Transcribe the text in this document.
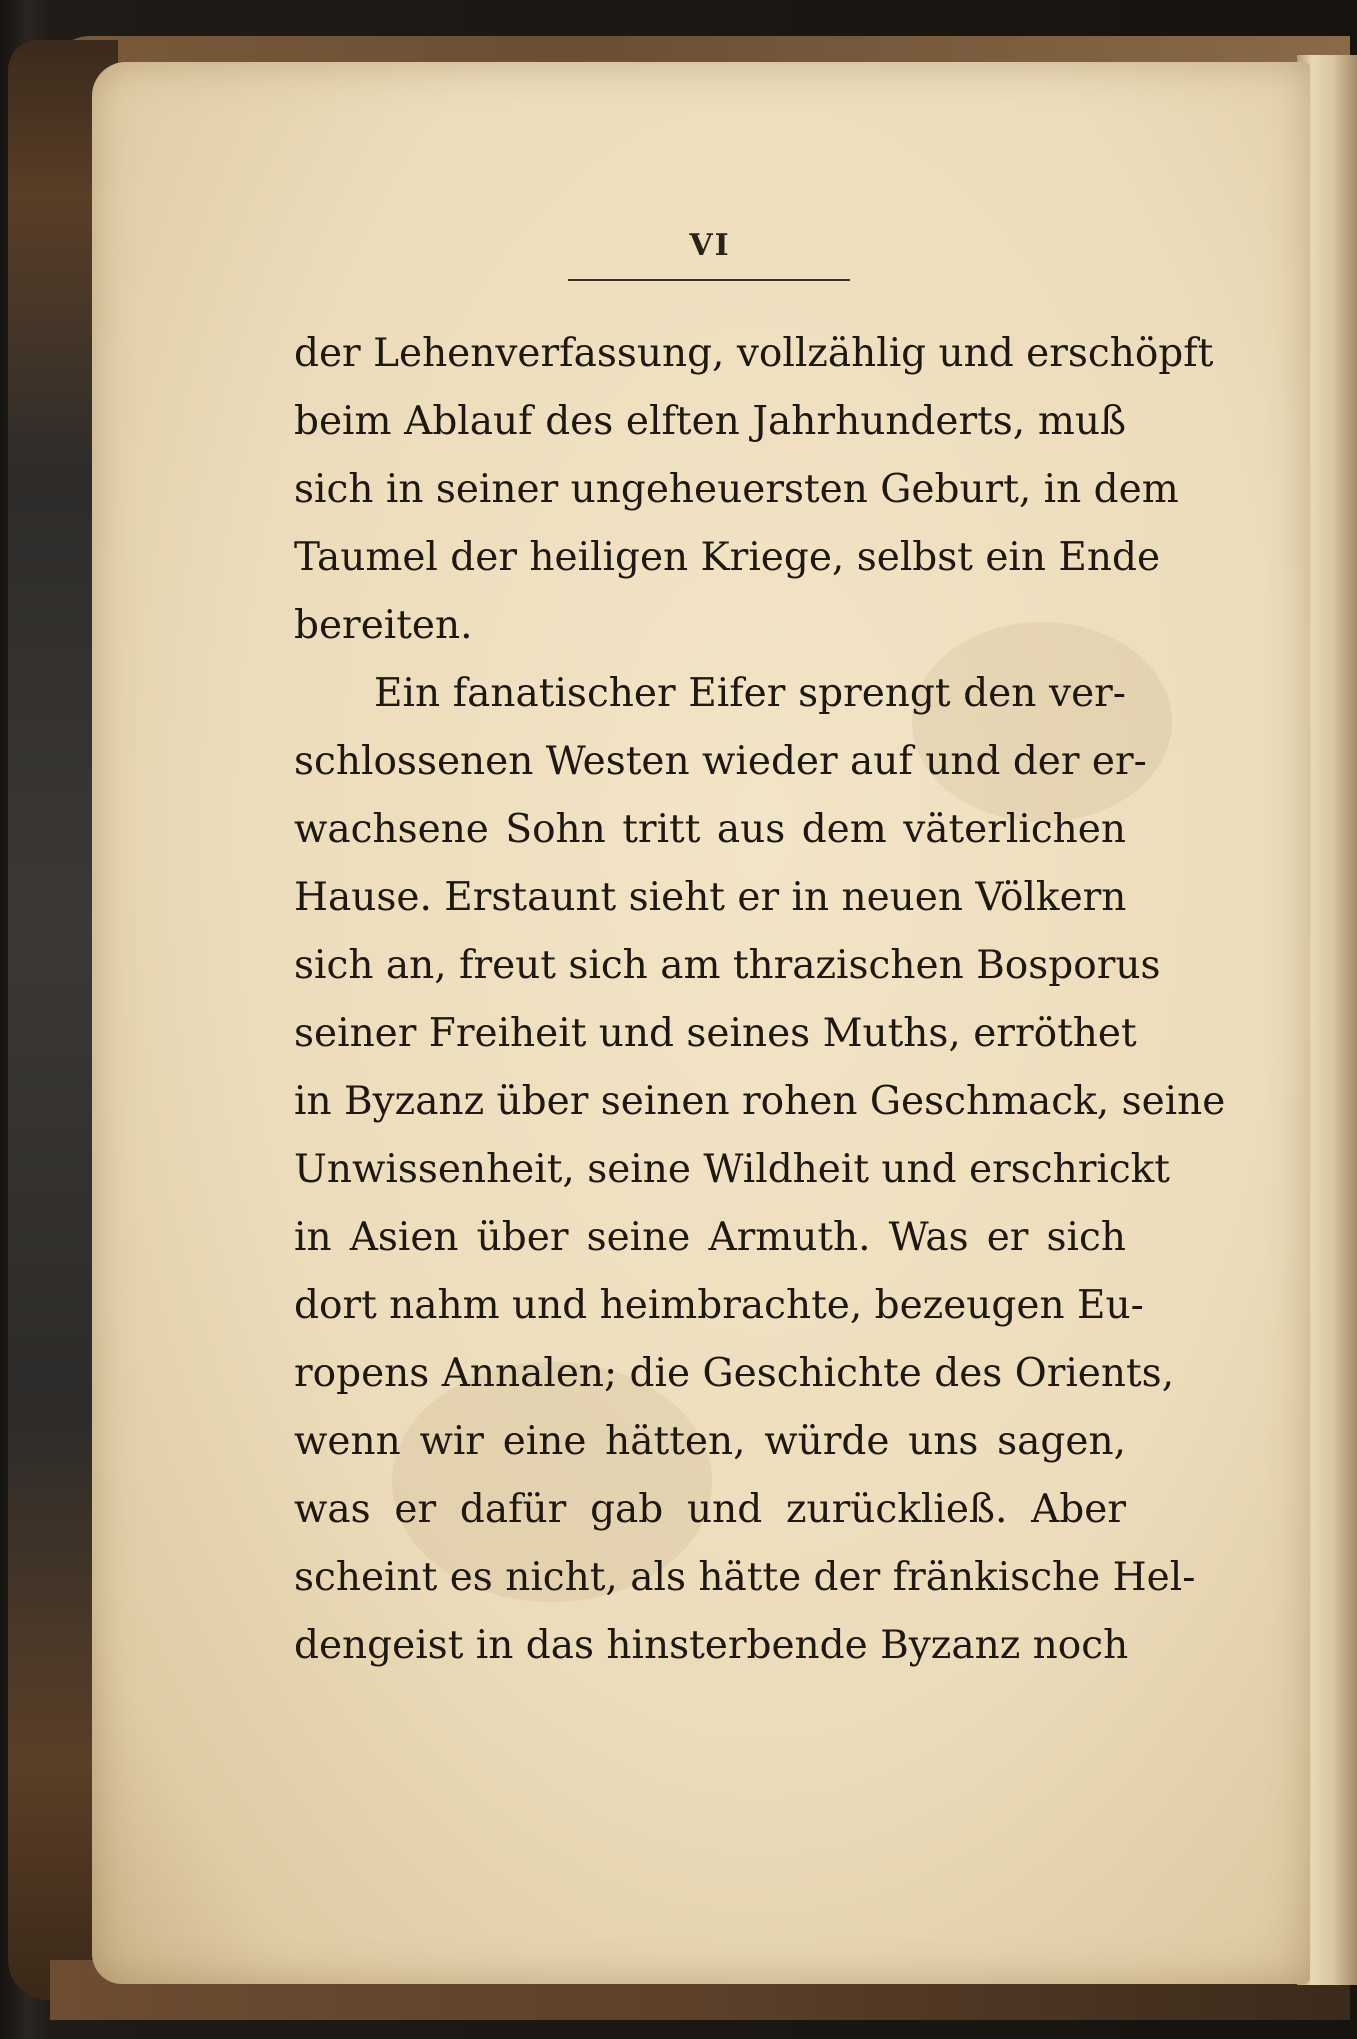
VI
der Lehenverfassung, vollzählig und erschöpft
beim Ablauf des elften Jahrhunderts, muß
sich in seiner ungeheuersten Geburt, in dem
Taumel der heiligen Kriege, selbst ein Ende
bereiten.
Ein fanatischer Eifer sprengt den ver-
schlossenen Westen wieder auf und der er-
wachsene Sohn tritt aus dem väterlichen
Hause. Erstaunt sieht er in neuen Völkern
sich an, freut sich am thrazischen Bosporus
seiner Freiheit und seines Muths, erröthet
in Byzanz über seinen rohen Geschmack, seine
Unwissenheit, seine Wildheit und erschrickt
in Asien über seine Armuth. Was er sich
dort nahm und heimbrachte, bezeugen Eu-
ropens Annalen; die Geschichte des Orients,
wenn wir eine hätten, würde uns sagen,
was er dafür gab und zurückließ. Aber
scheint es nicht, als hätte der fränkische Hel-
dengeist in das hinsterbende Byzanz noch
